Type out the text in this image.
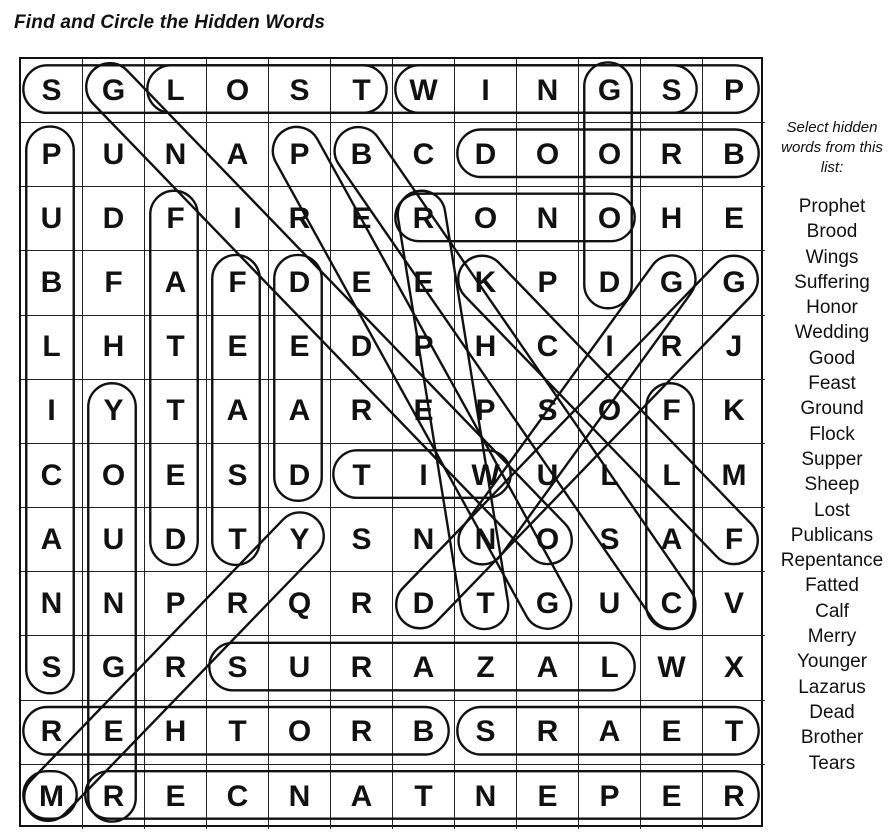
Find and Circle the Hidden Words
S	G	L	O	S	T	W	I	N	G	S	P
P	U	N	A	P	B	C	D	O	O	R	B
U	D	F	I	R	E	R	O	N	O	H	E
B	F	A	F	D	E	E	K	P	D	G	G
L	H	T	E	E	D	P	H	C	I	R	J
I	Y	T	A	A	R	E	P	S	O	F	K
C	O	E	S	D	T	I	W	U	L	L	M
A	U	D	T	Y	S	N	N	O	S	A	F
N	N	P	R	Q	R	D	T	G	U	C	V
S	G	R	S	U	R	A	Z	A	L	W	X
R	E	H	T	O	R	B	S	R	A	E	T
M	R	E	C	N	A	T	N	E	P	E	R
Select hidden words from this list:
Prophet
Brood
Wings
Suffering
Honor
Wedding
Good
Feast
Ground
Flock
Supper
Sheep
Lost
Publicans
Repentance
Fatted
Calf
Merry
Younger
Lazarus
Dead
Brother
Tears
